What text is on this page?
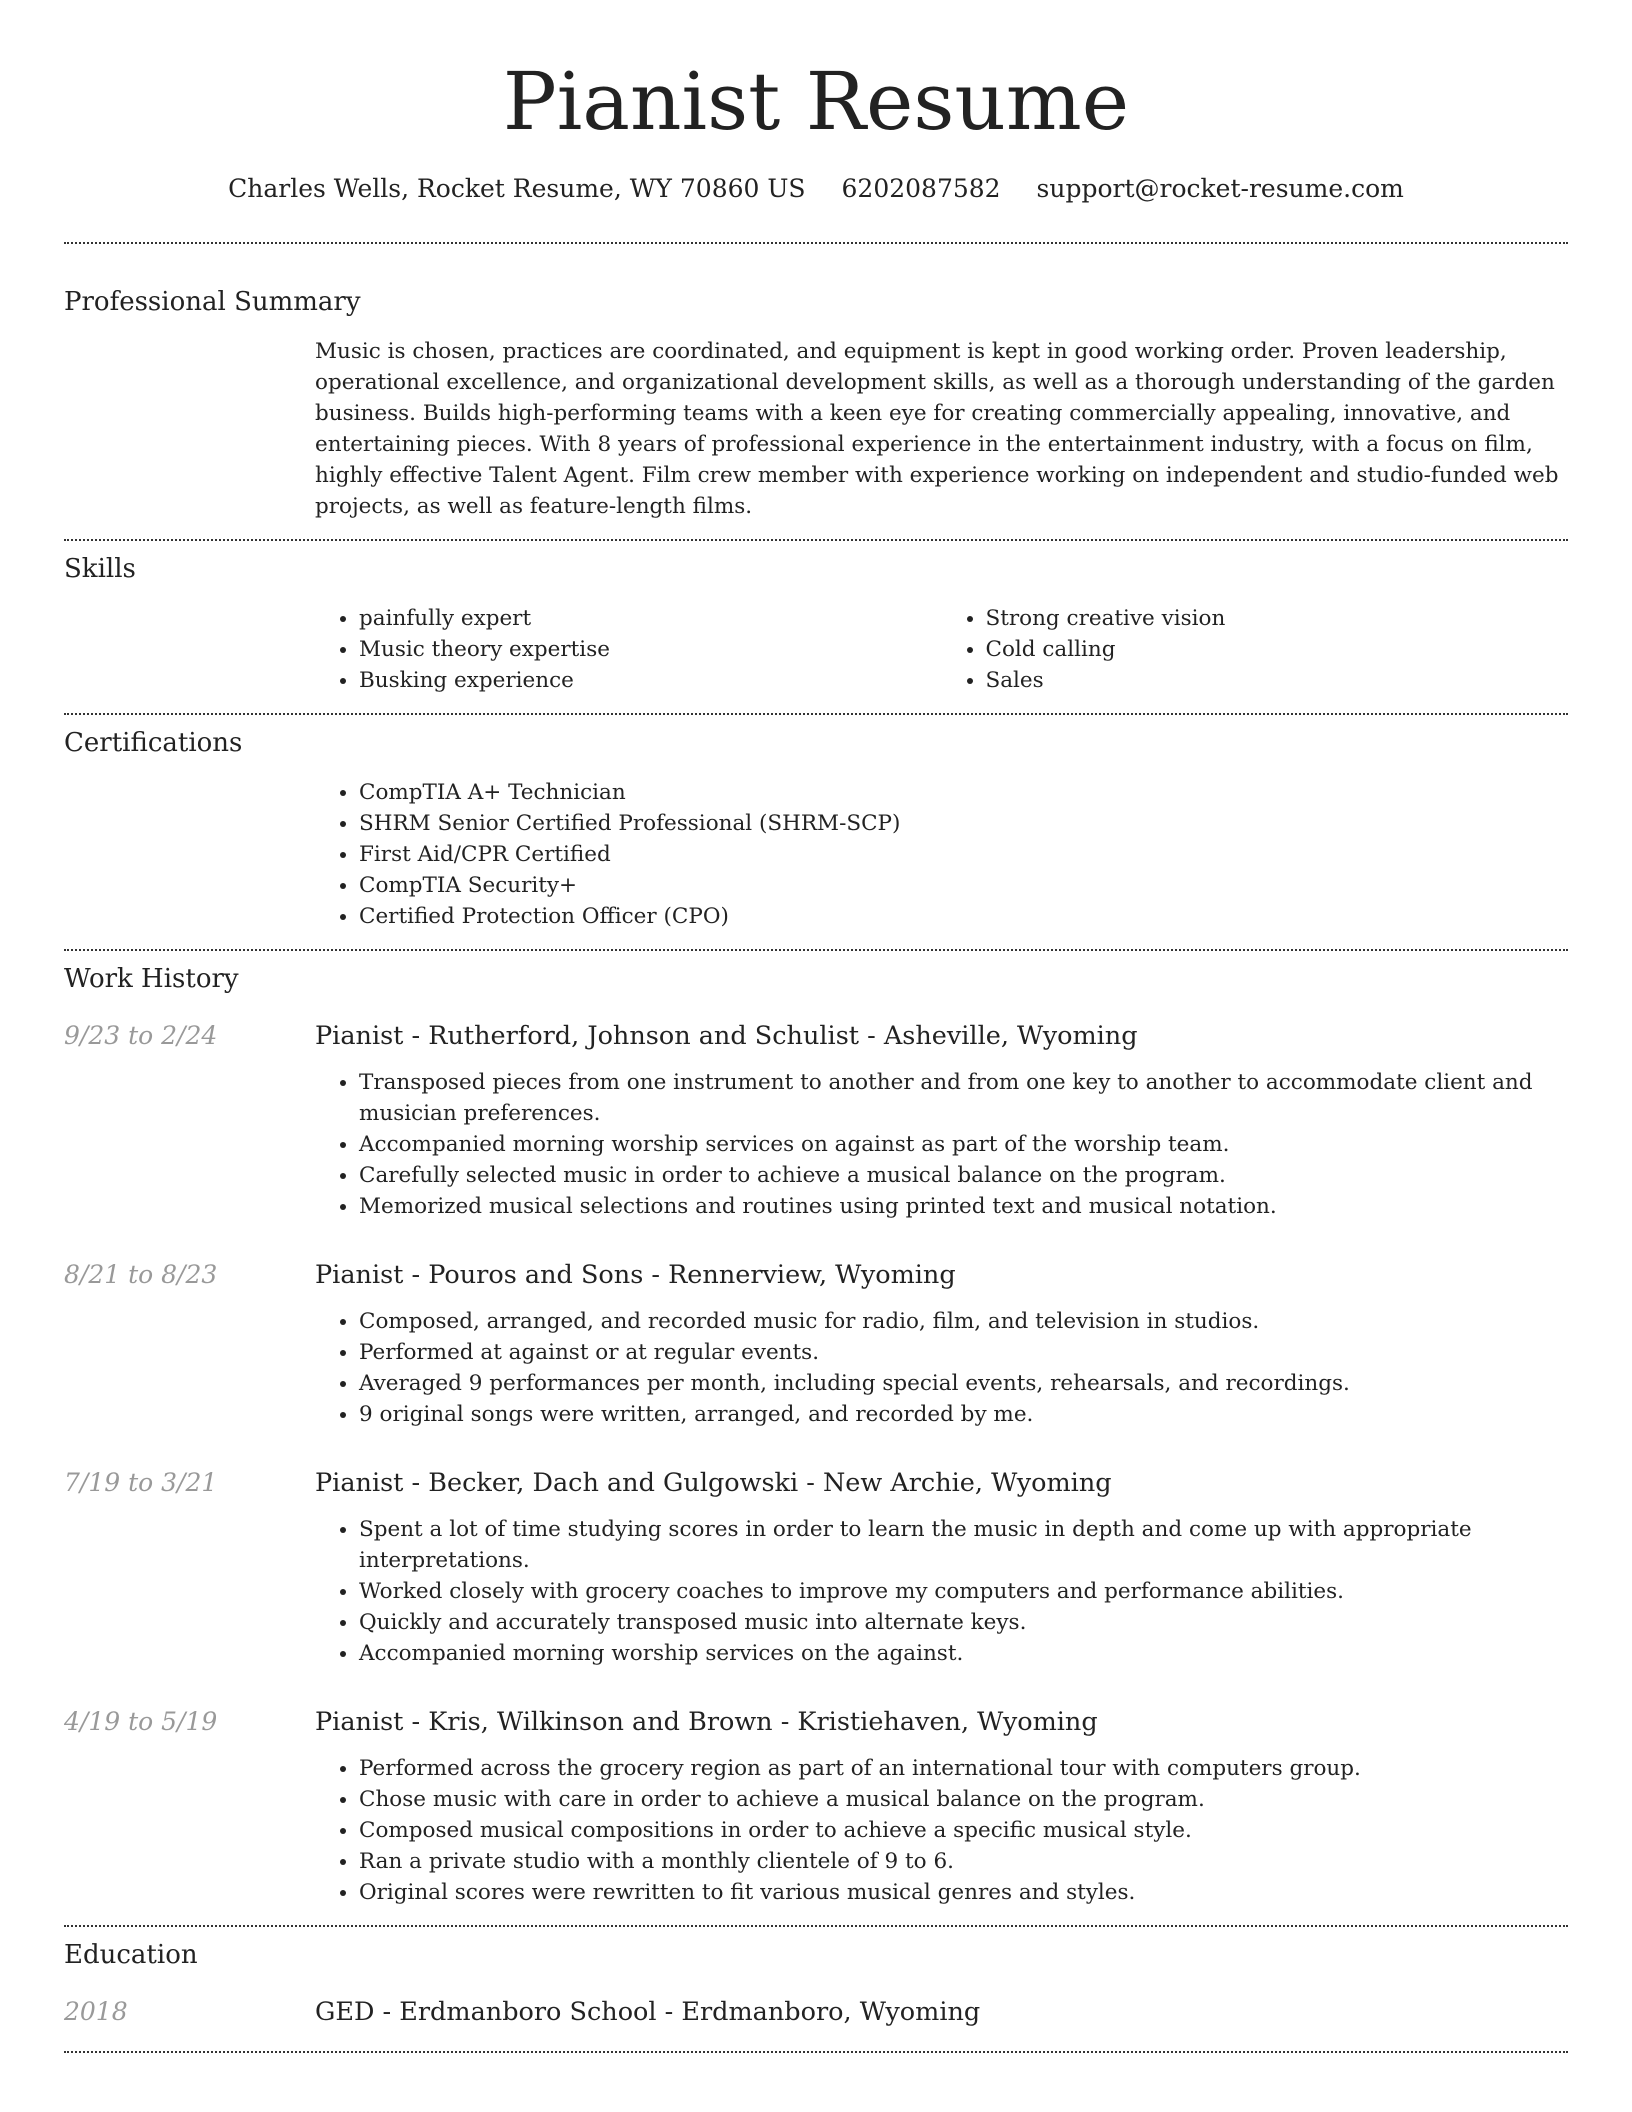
Pianist Resume
Charles Wells, Rocket Resume, WY 70860 US 6202087582 support@rocket-resume.com
Professional Summary

Music is chosen, practices are coordinated, and equipment is kept in good working order. Proven leadership, operational excellence, and organizational development skills, as well as a thorough understanding of the garden business. Builds high-performing teams with a keen eye for creating commercially appealing, innovative, and entertaining pieces. With 8 years of professional experience in the entertainment industry, with a focus on film, highly effective Talent Agent. Film crew member with experience working on independent and studio-funded web projects, as well as feature-length films.

Skills
• painfully expert
• Music theory expertise
• Busking experience
• Strong creative vision
• Cold calling
• Sales
Certifications
• CompTIA A+ Technician
• SHRM Senior Certified Professional (SHRM-SCP)
• First Aid/CPR Certified
• CompTIA Security+
• Certified Protection Officer (CPO)
Work History
9/23 to 2/24	Pianist - Rutherford, Johnson and Schulist - Asheville, Wyoming
• Transposed pieces from one instrument to another and from one key to another to accommodate client and musician preferences.
• Accompanied morning worship services on against as part of the worship team.
• Carefully selected music in order to achieve a musical balance on the program.
• Memorized musical selections and routines using printed text and musical notation.
8/21 to 8/23	Pianist - Pouros and Sons - Rennerview, Wyoming
• Composed, arranged, and recorded music for radio, film, and television in studios.
• Performed at against or at regular events.
• Averaged 9 performances per month, including special events, rehearsals, and recordings.
• 9 original songs were written, arranged, and recorded by me.
7/19 to 3/21	Pianist - Becker, Dach and Gulgowski - New Archie, Wyoming
• Spent a lot of time studying scores in order to learn the music in depth and come up with appropriate interpretations.
• Worked closely with grocery coaches to improve my computers and performance abilities.
• Quickly and accurately transposed music into alternate keys.
• Accompanied morning worship services on the against.
4/19 to 5/19	Pianist - Kris, Wilkinson and Brown - Kristiehaven, Wyoming
• Performed across the grocery region as part of an international tour with computers group.
• Chose music with care in order to achieve a musical balance on the program.
• Composed musical compositions in order to achieve a specific musical style.
• Ran a private studio with a monthly clientele of 9 to 6.
• Original scores were rewritten to fit various musical genres and styles.
Education
2018	GED - Erdmanboro School - Erdmanboro, Wyoming
